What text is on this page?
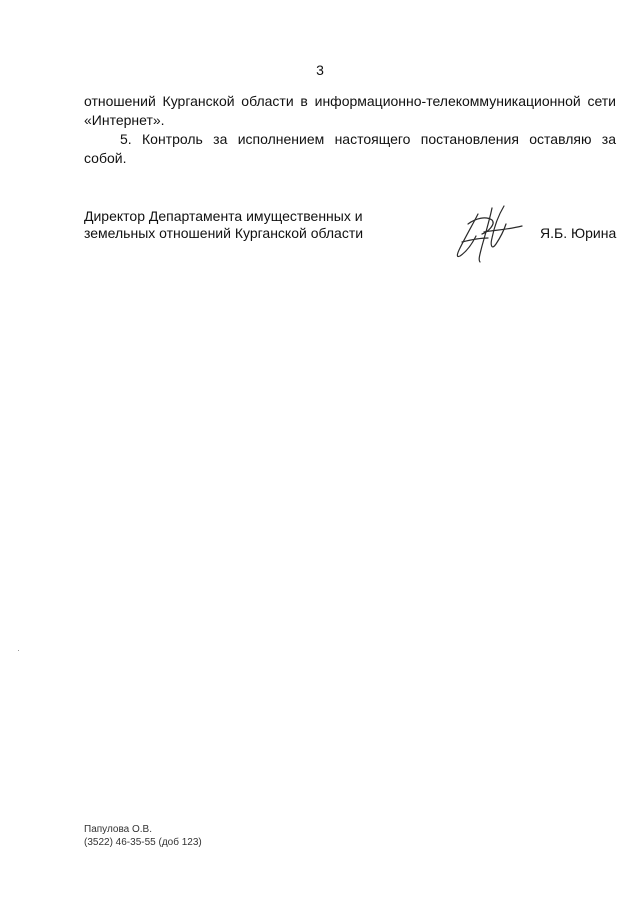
3
отношений Курганской области в информационно-телекоммуникационной сети
«Интернет».
5. Контроль за исполнением настоящего постановления оставляю за
собой.
Директор Департамента имущественных и
земельных отношений Курганской области	Я.Б. Юрина
Папулова О.В.
(3522) 46-35-55 (доб 123)
